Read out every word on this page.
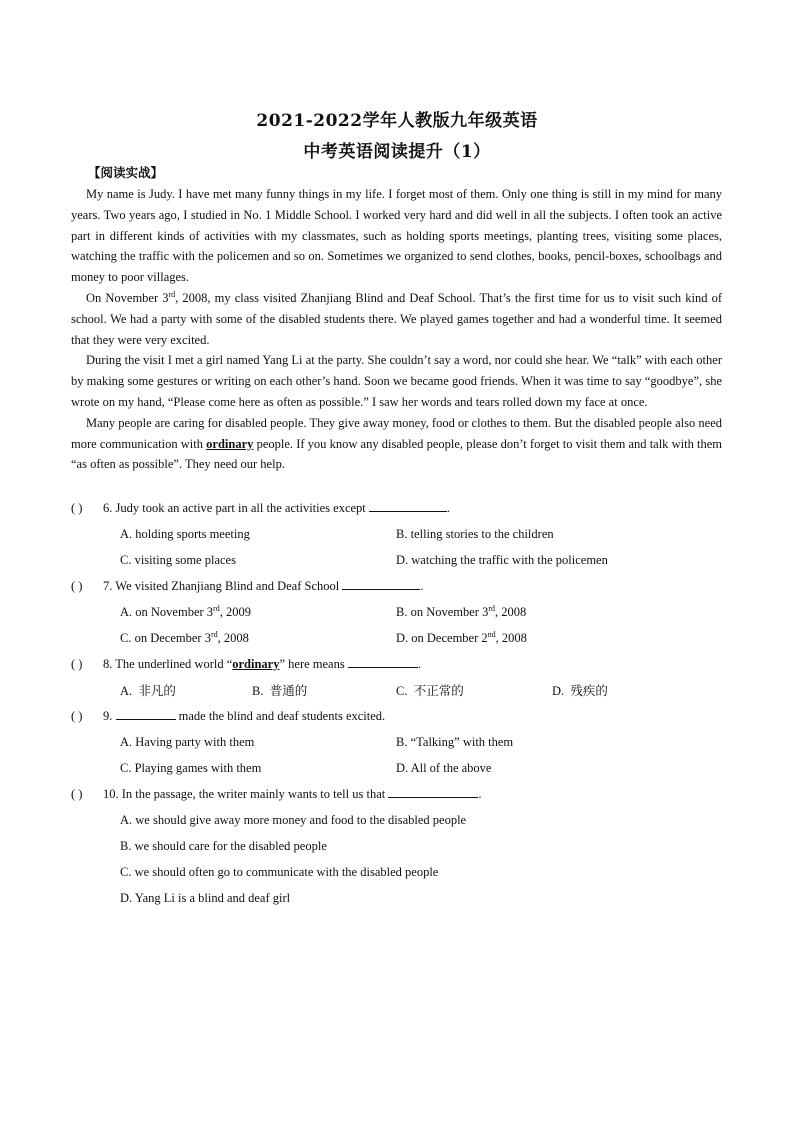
2021-2022学年人教版九年级英语
中考英语阅读提升（1）
【阅读实战】

My name is Judy. I have met many funny things in my life. I forget most of them. Only one thing is still in my mind for many years. Two years ago, I studied in No. 1 Middle School. I worked very hard and did well in all the subjects. I often took an active part in different kinds of activities with my classmates, such as holding sports meetings, planting trees, visiting some places, watching the traffic with the policemen and so on. Sometimes we organized to send clothes, books, pencil-boxes, schoolbags and money to poor villages.

On November 3rd, 2008, my class visited Zhanjiang Blind and Deaf School. That’s the first time for us to visit such kind of school. We had a party with some of the disabled students there. We played games together and had a wonderful time. It seemed that they were very excited.

During the visit I met a girl named Yang Li at the party. She couldn’t say a word, nor could she hear. We “talk” with each other by making some gestures or writing on each other’s hand. Soon we became good friends. When it was time to say “goodbye”, she wrote on my hand, “Please come here as often as possible.” I saw her words and tears rolled down my face at once.

Many people are caring for disabled people. They give away money, food or clothes to them. But the disabled people also need more communication with ordinary people. If you know any disabled people, please don’t forget to visit them and talk with them “as often as possible”. They need our help.

( ) 6. Judy took an active part in all the activities except	.
A. holding sports meeting	B. telling stories to the children
C. visiting some places	D. watching the traffic with the policemen
( ) 7. We visited Zhanjiang Blind and Deaf School	.
A. on November 3rd, 2009	B. on November 3rd, 2008
C. on December 3rd, 2008	D. on December 2nd, 2008
( ) 8. The underlined world “ordinary” here means	.
A. 非凡的	B. 普通的	C. 不正常的	D. 残疾的
( ) 9.	made the blind and deaf students excited.
A. Having party with them	B. “Talking” with them
C. Playing games with them	D. All of the above
( ) 10. In the passage, the writer mainly wants to tell us that	.
A. we should give away more money and food to the disabled people
B. we should care for the disabled people
C. we should often go to communicate with the disabled people
D. Yang Li is a blind and deaf girl
